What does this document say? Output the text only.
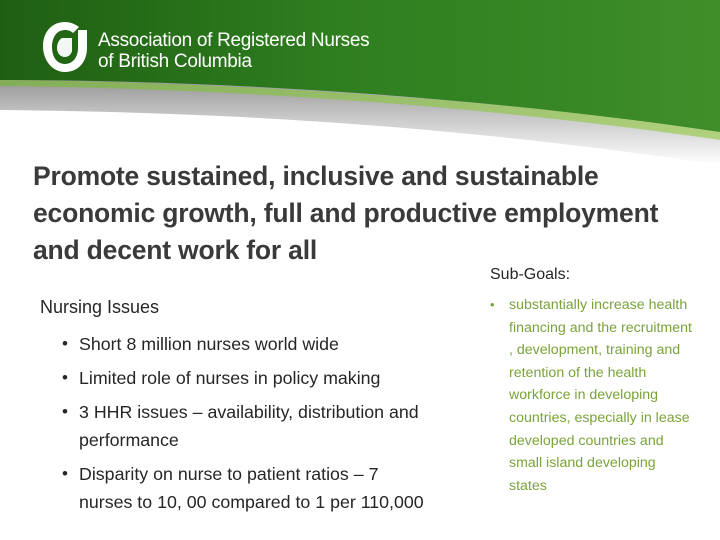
Association of Registered Nurses
of British Columbia
Promote sustained, inclusive and sustainable
economic growth, full and productive employment
and decent work for all
Nursing Issues
• Short 8 million nurses world wide
• Limited role of nurses in policy making
• 3 HHR issues – availability, distribution and
performance
• Disparity on nurse to patient ratios – 7
nurses to 10, 00 compared to 1 per 110,000
Sub-Goals:
• substantially increase health
financing and the recruitment
, development, training and
retention of the health
workforce in developing
countries, especially in lease
developed countries and
small island developing
states
